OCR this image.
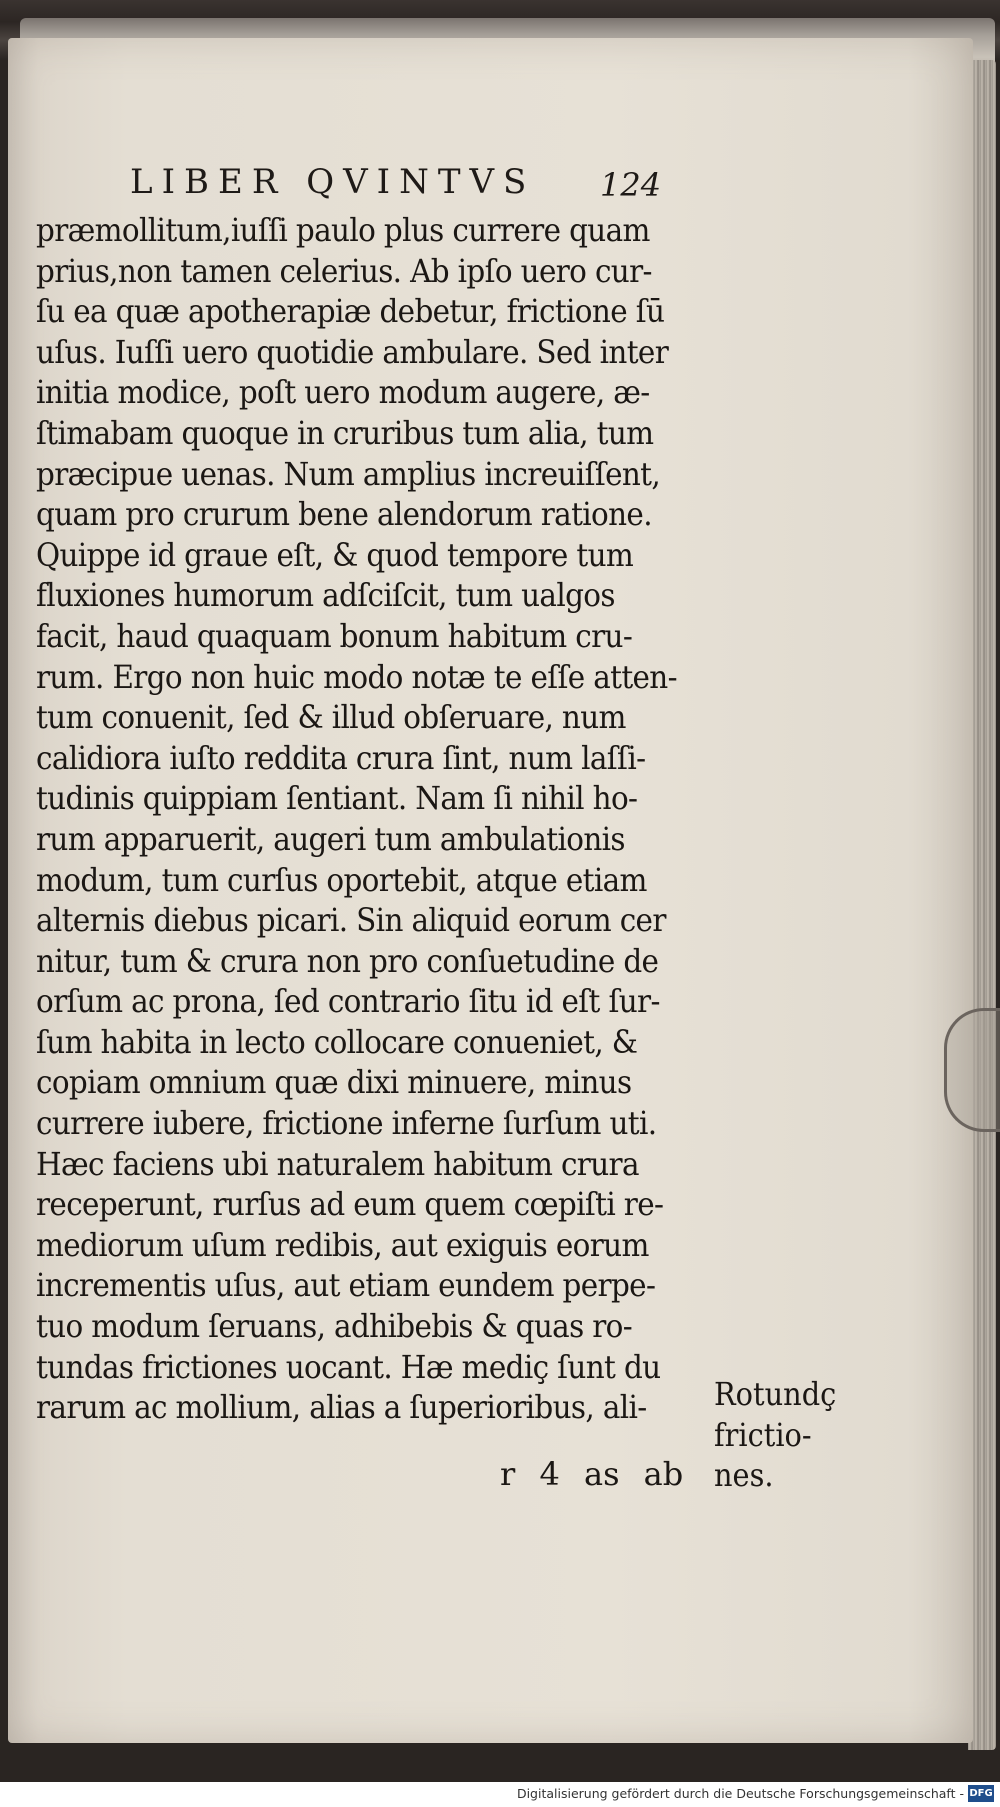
LIBER QVINTVS 124
præmollitum,iuſſi paulo plus currere quam
prius,non tamen celerius. Ab ipſo uero cur-
ſu ea quæ apotherapiæ debetur, frictione ſū
uſus. Iuſſi uero quotidie ambulare. Sed inter
initia modice, poſt uero modum augere, æ-
ſtimabam quoque in cruribus tum alia, tum
præcipue uenas. Num amplius increuiſſent,
quam pro crurum bene alendorum ratione.
Quippe id graue eſt, & quod tempore tum
fluxiones humorum adſciſcit, tum ualgos
facit, haud quaquam bonum habitum cru-
rum. Ergo non huic modo notæ te eſſe atten-
tum conuenit, ſed & illud obſeruare, num
calidiora iuſto reddita crura ſint, num laſſi-
tudinis quippiam ſentiant. Nam ſi nihil ho-
rum apparuerit, augeri tum ambulationis
modum, tum curſus oportebit, atque etiam
alternis diebus picari. Sin aliquid eorum cer
nitur, tum & crura non pro conſuetudine de
orſum ac prona, ſed contrario ſitu id eſt ſur-
ſum habita in lecto collocare conueniet, &
copiam omnium quæ dixi minuere, minus
currere iubere, frictione inferne ſurſum uti.
Hæc faciens ubi naturalem habitum crura
receperunt, rurſus ad eum quem cœpiſti re-
mediorum uſum redibis, aut exiguis eorum
incrementis uſus, aut etiam eundem perpe-
tuo modum ſeruans, adhibebis & quas ro-
tundas frictiones uocant. Hæ mediç ſunt du
rarum ac mollium, alias a ſuperioribus, ali-	Rotundç
frictio-
nes.
r 4 as ab
Digitalisierung gefördert durch die Deutsche Forschungsgemeinschaft - DFG
